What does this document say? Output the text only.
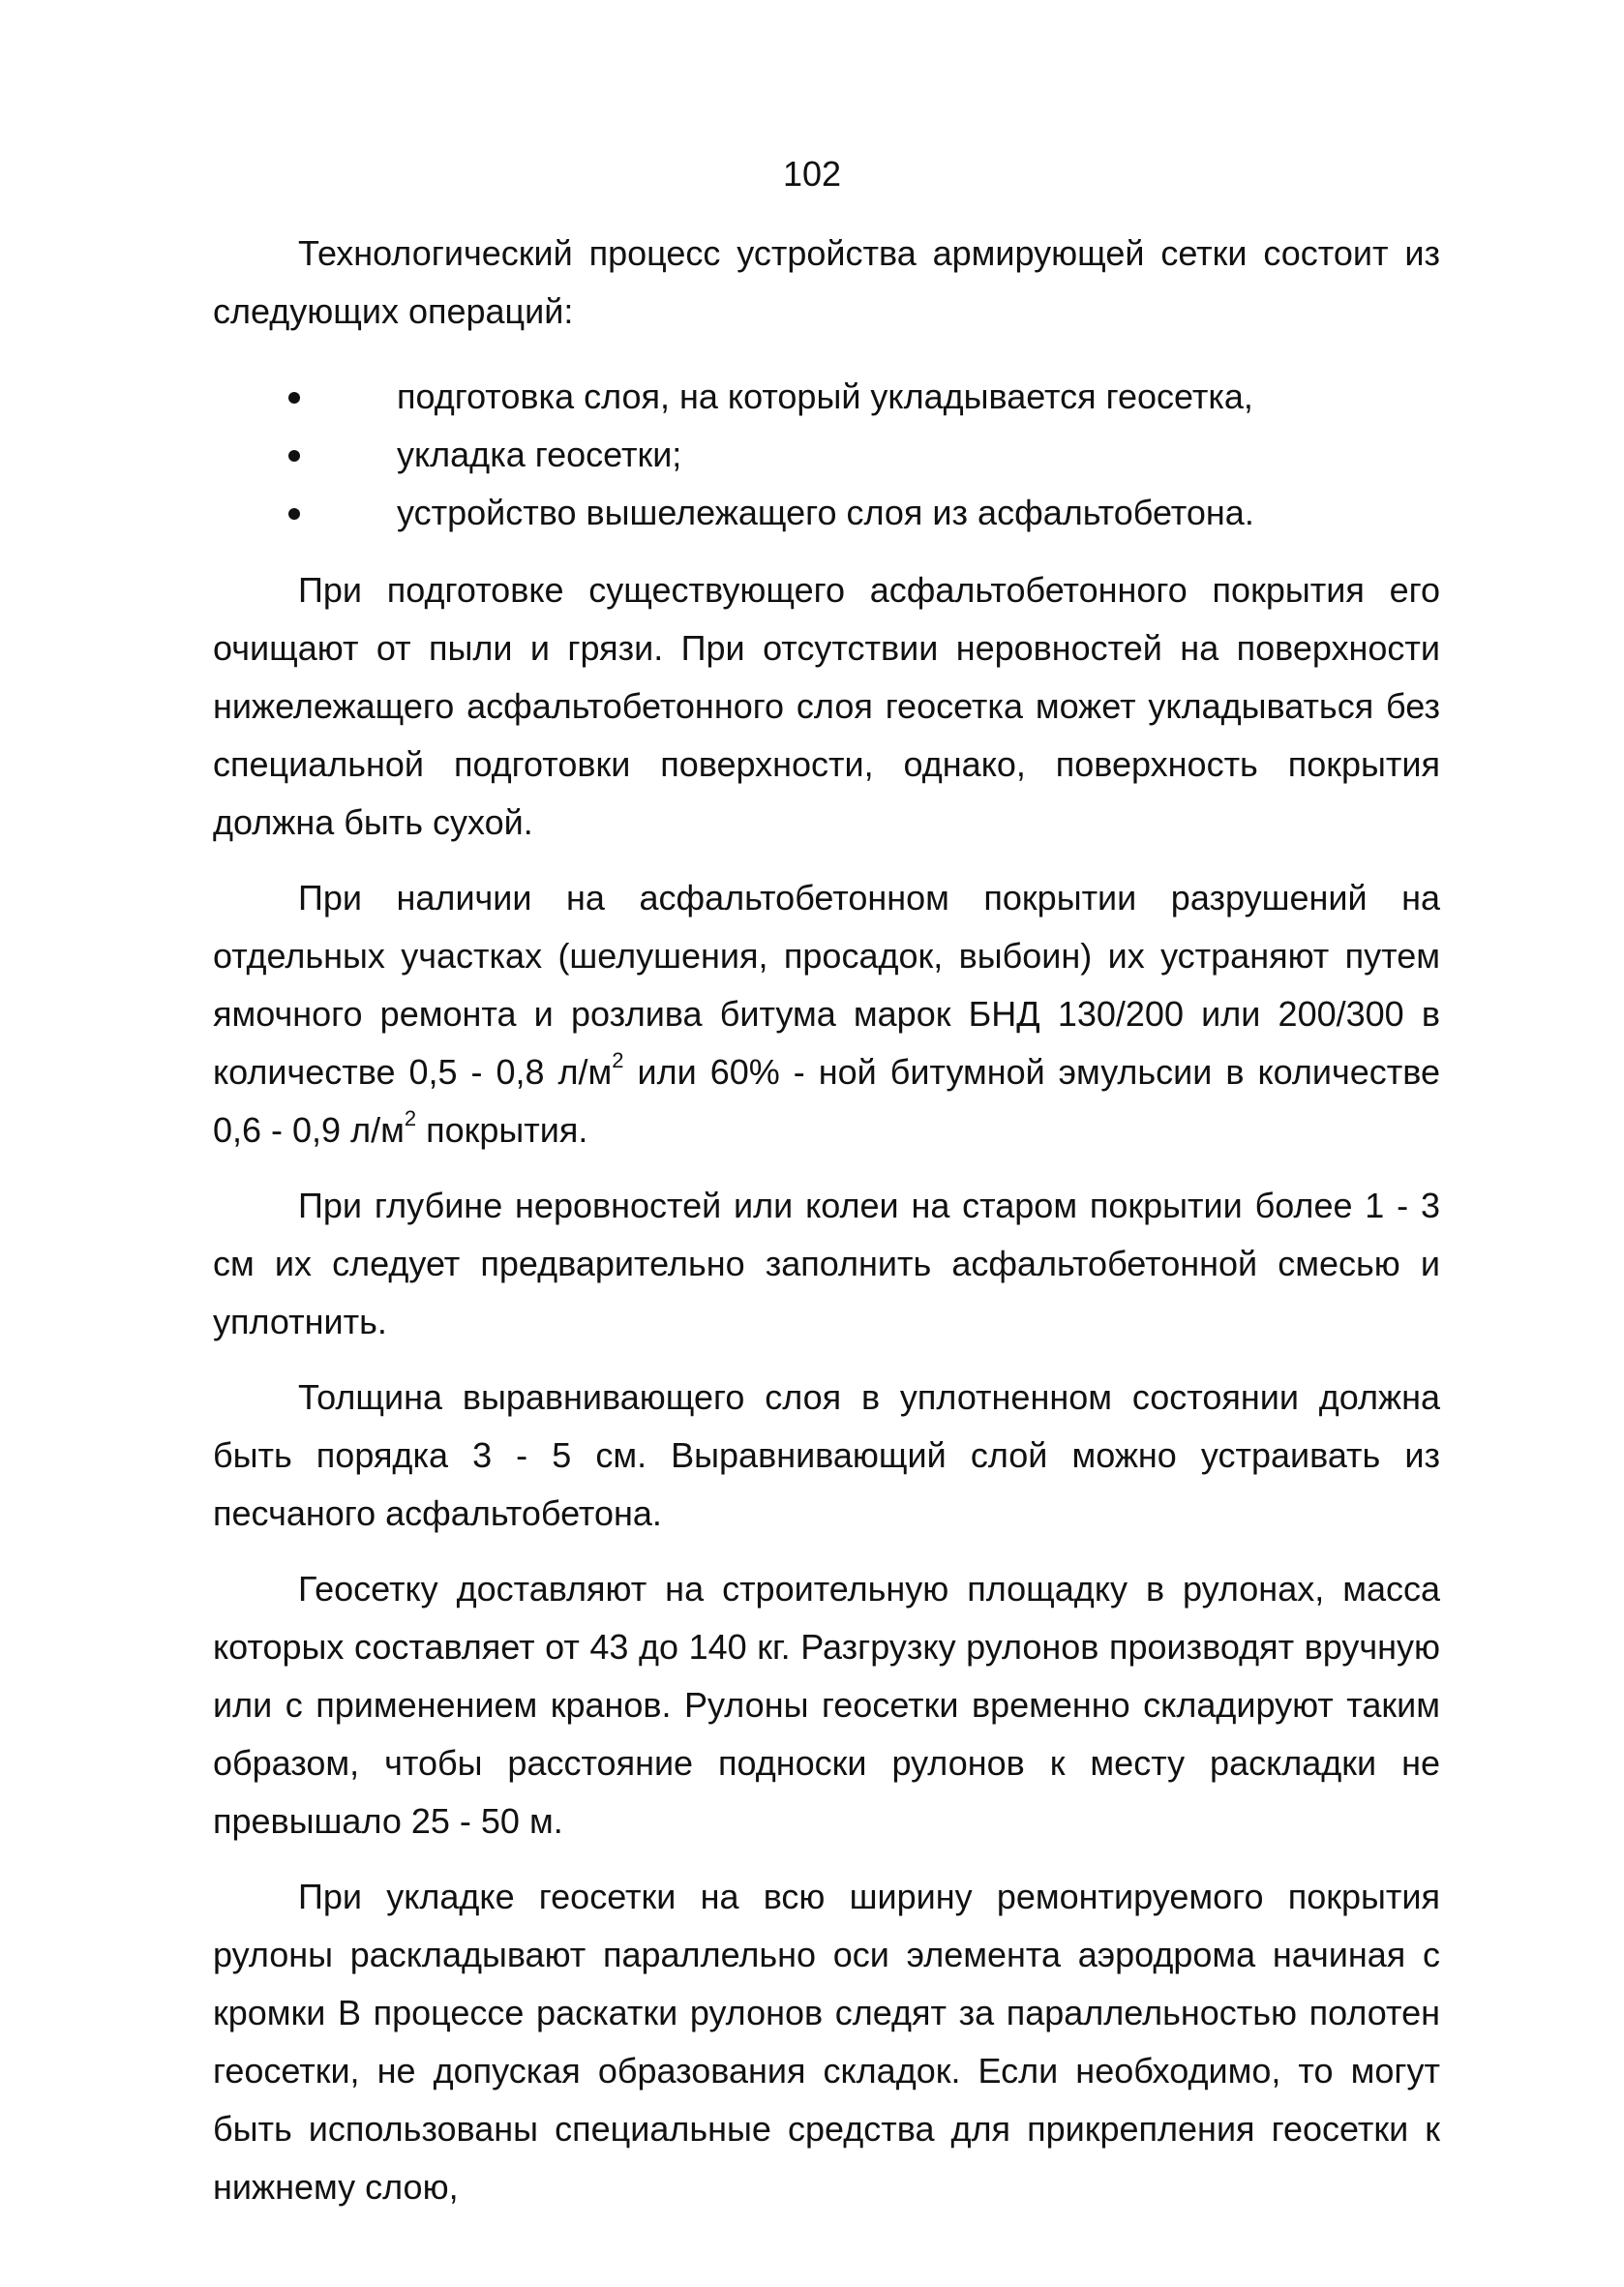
102

Технологический процесс устройства армирующей сетки состоит из следующих операций:

подготовка слоя, на который укладывается геосетка,
укладка геосетки;
устройство вышележащего слоя из асфальтобетона.

При подготовке существующего асфальтобетонного покрытия его очищают от пыли и грязи. При отсутствии неровностей на поверхности нижележащего асфальтобетонного слоя геосетка может укладываться без специальной подготовки поверхности, однако, поверхность покрытия должна быть сухой.

При наличии на асфальтобетонном покрытии разрушений на отдельных участках (шелушения, просадок, выбоин) их устраняют путем ямочного ремонта и розлива битума марок БНД 130/200 или 200/300 в количестве 0,5 - 0,8 $л/м^2$ или 60% - ной битумной эмульсии в количестве 0,6 - 0,9 $л/м^2$ покрытия.

При глубине неровностей или колеи на старом покрытии более 1 - 3 см их следует предварительно заполнить асфальтобетонной смесью и уплотнить.

Толщина выравнивающего слоя в уплотненном состоянии должна быть порядка 3 - 5 см. Выравнивающий слой можно устраивать из песчаного асфальтобетона.

Геосетку доставляют на строительную площадку в рулонах, масса которых составляет от 43 до 140 кг. Разгрузку рулонов производят вручную или с применением кранов. Рулоны геосетки временно складируют таким образом, чтобы расстояние подноски рулонов к месту раскладки не превышало 25 - 50 м.

При укладке геосетки на всю ширину ремонтируемого покрытия рулоны раскладывают параллельно оси элемента аэродрома начиная с кромки В процессе раскатки рулонов следят за параллельностью полотен геосетки, не допуская образования складок. Если необходимо, то могут быть использованы специальные средства для прикрепления геосетки к нижнему слою,
